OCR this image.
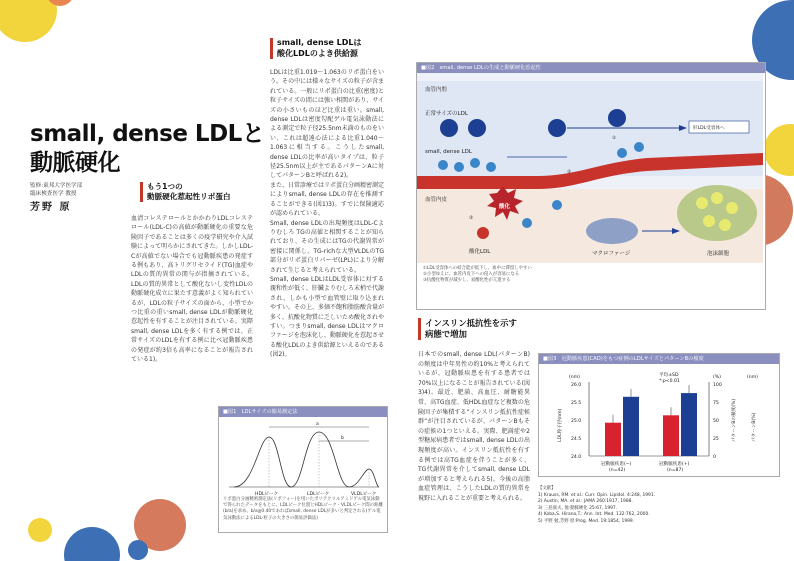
small, dense LDLと
動脈硬化
監修:東邦大学医学部
臨床検査医学 教授
芳野 原
もう1つの
動脈硬化惹起性リポ蛋白

血清コレステロールとかかわりLDLコレステロール(LDL-C)の高値が動脈硬化の重要な危険因子であることは多くの疫学研究や介入試験によって明らかにされてきた。しかしLDL-Cが高値でない場合でも冠動脈疾患の発症する例もあり、高トリグリセライド(TG)血症やLDLの質的異常の関与が指摘されている。LDLの質的異常として酸化ないし変性LDLの動脈硬化成立に果たす意義がよく知られているが、LDLの粒子サイズの面から、小型でかつ比重の重いsmall, dense LDLが動脈硬化惹起性を有することが注目されている。実際small, dense LDLを多く有する例では、正常サイズのLDLを有する例に比べ冠動脈疾患の発症が約3倍も高率になることが報告されている1)。

small, dense LDLは
酸化LDLのよき供給源

LDLは比重1.019〜1.063のリポ蛋白をいう。その中には様々なサイズの粒子が含まれている。一般にリポ蛋白の比重(密度)と粒子サイズの間には強い相関があり、サイズの小さいものほど比重は重い。small, dense LDLは密度勾配ゲル電気泳動法による測定で粒子径25.5nm未満のものをいい、これは超遠心法による比重1.040〜1.063に相当する。こうしたsmall, dense LDLの比率が高いタイプは、粒子径25.5nm以上が主であるパターンAに対してパターンBと呼ばれる2)。

また、日常診療ではリポ蛋白分画精密測定によりsmall, dense LDLの存在を推測することができる(図1)3)。すでに保険適応が認められている。

Small, dense LDLの出現頻度はLDL-Cよりむしろ TGの高値と相関することが知られており、その生成にはTGの代謝異常が密接に関係し、TG-richな大型VLDLのTG部分がリポ蛋白リパーゼ(LPL)により分解されて生じると考えられている。

Small, dense LDLはLDL受容体に対する親和性が低く、肝臓よりむしろ末梢で代謝され、しかも小型で血管壁に取り込まれやすい。その上、多価不飽和脂肪酸含量が多く、抗酸化物質に乏しいため酸化されやすい。つまりsmall, dense LDLはマクロファージを泡沫化し、動脈硬化を惹起させる酸化LDLのよき供給源といえるのである(図2)。

■図1　LDLサイズの簡易測定法
a
b
HDLピーク	LDLピーク	VLDLピーク
リポ蛋白分画精密測定法(リポフォー)を用いたポリアクリルアミドゲル電気泳動で得られたデータをもとに、LDLピーク位置とHDLピーク・VLDLピーク間の距離(b/a)を求め、b/a≧0.40であればsmall, dense LDLが多いと判定される(ゲル電気泳動法によるLDL-粒子の大きさの簡易評価法)
■図2　small, dense LDLの生成と動脈硬化惹起性
血管内腔
正常サイズのLDL
small, dense LDL
血管内皮
肝LDL受容体へ
①
②
③
酸化
酸化LDL	マクロファージ	泡沫細胞
①LDL受容体への結合能が低下し、血中に滞留しやすい
②小型ゆえに、血管内皮下への侵入が容易になる
③抗酸化物質が減少し、易酸化性が亢進する
インスリン抵抗性を示す
病態で増加

日本でのsmall, dense LDL(パターンB)の頻度は中年男性の約10%と考えられているが、冠動脈疾患を有する患者では70%以上になることが報告されている(図3)4)。最近、肥満、高血圧、耐糖能異常、高TG血症、低HDL血症など複数の危険因子が集積する“インスリン抵抗性症候群”が注目されているが、パターンBもその症候の1つといえる。実際、肥満症や2型糖尿病患者ではsmall, dense LDLの出現頻度が高い。インスリン抵抗性を有する例では高TG血症を伴うことが多く、TG代謝異常を介してsmall, dense LDLが増加すると考えられる5)。今後の高脂血症管理は、こうしたLDLの質的異常を視野に入れることが重要と考えられる。

■図3　冠動脈疾患(CAD)をもつ症例のLDLサイズとパターンBの頻度
(nm)	(%)	(nm)
26.0
25.5
25.0
24.5
24.0
100
75
50
25
0
LDL粒子径(nm)	パターンBの頻度(%)	パターンB(%)
平均±SD
*:p<0.01
冠動脈疾患(−)
(n=42)
冠動脈疾患(+)
(n=87)
【文献】
1) Krauss, RM. et al.: Curr. Opin. Lipidol. 4:248, 1991.
2) Austin, MA. et al.: JAMA 260:1917, 1988.
3) 三島康夫, 他:動脈硬化 25:67, 1997.
4) Koba,S. Hirano,T.: Ann. Int. Med. 132:762, 2000.
5) 平野 勉,芳野 原:Prog. Med. 19:1854, 1999.
